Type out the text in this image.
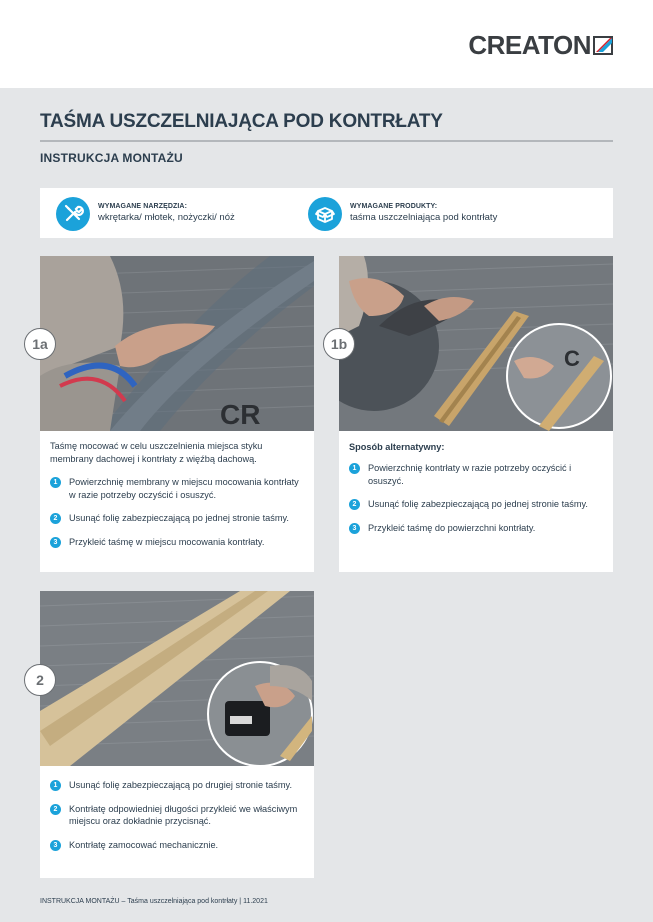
CREATON
TAŚMA USZCZELNIAJĄCA POD KONTRŁATY
INSTRUKCJA MONTAŻU
WYMAGANE NARZĘDZIA:
wkrętarka/ młotek, nożyczki/ nóż
WYMAGANE PRODUKTY:
taśma uszczelniająca pod kontrłaty
CR
1a
Taśmę mocować w celu uszczelnienia miejsca styku membrany dachowej i kontrłaty z więźbą dachową.
1	Powierzchnię membrany w miejscu mocowania kontrłaty w razie potrzeby oczyścić i osuszyć.
2	Usunąć folię zabezpieczającą po jednej stronie taśmy.
3	Przykleić taśmę w miejscu mocowania kontrłaty.
C
1b
Sposób alternatywny:
1	Powierzchnię kontrłaty w razie potrzeby oczyścić i osuszyć.
2	Usunąć folię zabezpieczającą po jednej stronie taśmy.
3	Przykleić taśmę do powierzchni kontrłaty.
2
1	Usunąć folię zabezpieczającą po drugiej stronie taśmy.
2	Kontrłatę odpowiedniej długości przykleić we właściwym miejscu oraz dokładnie przycisnąć.
3	Kontrłatę zamocować mechanicznie.
INSTRUKCJA MONTAŻU – Taśma uszczelniająca pod kontrłaty | 11.2021
